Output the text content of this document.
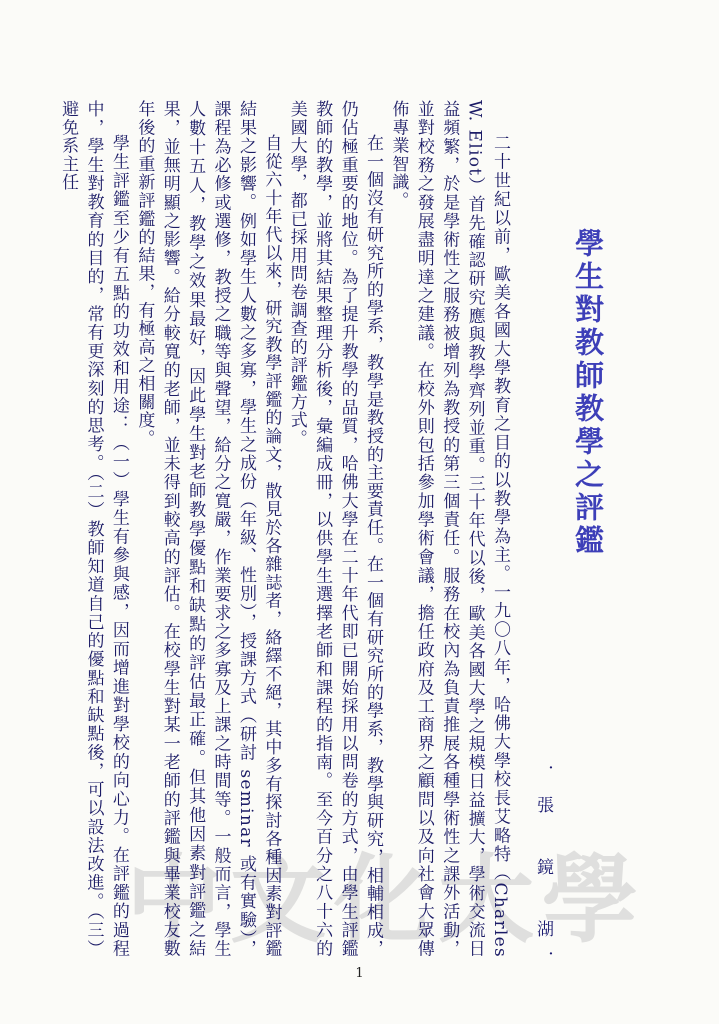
中文化大學
學生對教師教學之評鑑
．張　鏡　湖．

二十世紀以前，歐美各國大學教育之目的以教學為主。一九〇八年，哈佛大學校長艾略特（Charles W. Eliot）首先確認研究應與教學齊列並重。三十年代以後，歐美各國大學之規模日益擴大，學術交流日益頻繁，於是學術性之服務被增列為教授的第三個責任。服務在校內為負責推展各種學術性之課外活動，並對校務之發展盡明達之建議。在校外則包括參加學術會議，擔任政府及工商界之顧問以及向社會大眾傳佈專業智識。

在一個沒有研究所的學系，教學是教授的主要責任。在一個有研究所的學系，教學與研究，相輔相成，仍佔極重要的地位。為了提升教學的品質，哈佛大學在二十年代即已開始採用以問卷的方式，由學生評鑑教師的教學，並將其結果整理分析後，彙編成冊，以供學生選擇老師和課程的指南。至今百分之八十六的美國大學，都已採用問卷調查的評鑑方式。

自從六十年代以來，研究教學評鑑的論文，散見於各雜誌者，絡繹不絕，其中多有探討各種因素對評鑑結果之影響。例如學生人數之多寡，學生之成份（年級、性別），授課方式（研討 seminar 或有實驗），課程為必修或選修，教授之職等與聲望，給分之寬嚴，作業要求之多寡及上課之時間等。一般而言，學生人數十五人，教學之效果最好，因此學生對老師教學優點和缺點的評估最正確。但其他因素對評鑑之結果，並無明顯之影響。給分較寬的老師，並未得到較高的評估。在校學生對某一老師的評鑑與畢業校友數年後的重新評鑑的結果，有極高之相關度。

學生評鑑至少有五點的功效和用途：（一）學生有參與感，因而增進對學校的向心力。在評鑑的過程中，學生對教育的目的，常有更深刻的思考。（二）教師知道自己的優點和缺點後，可以設法改進。（三）避免系主任

1
